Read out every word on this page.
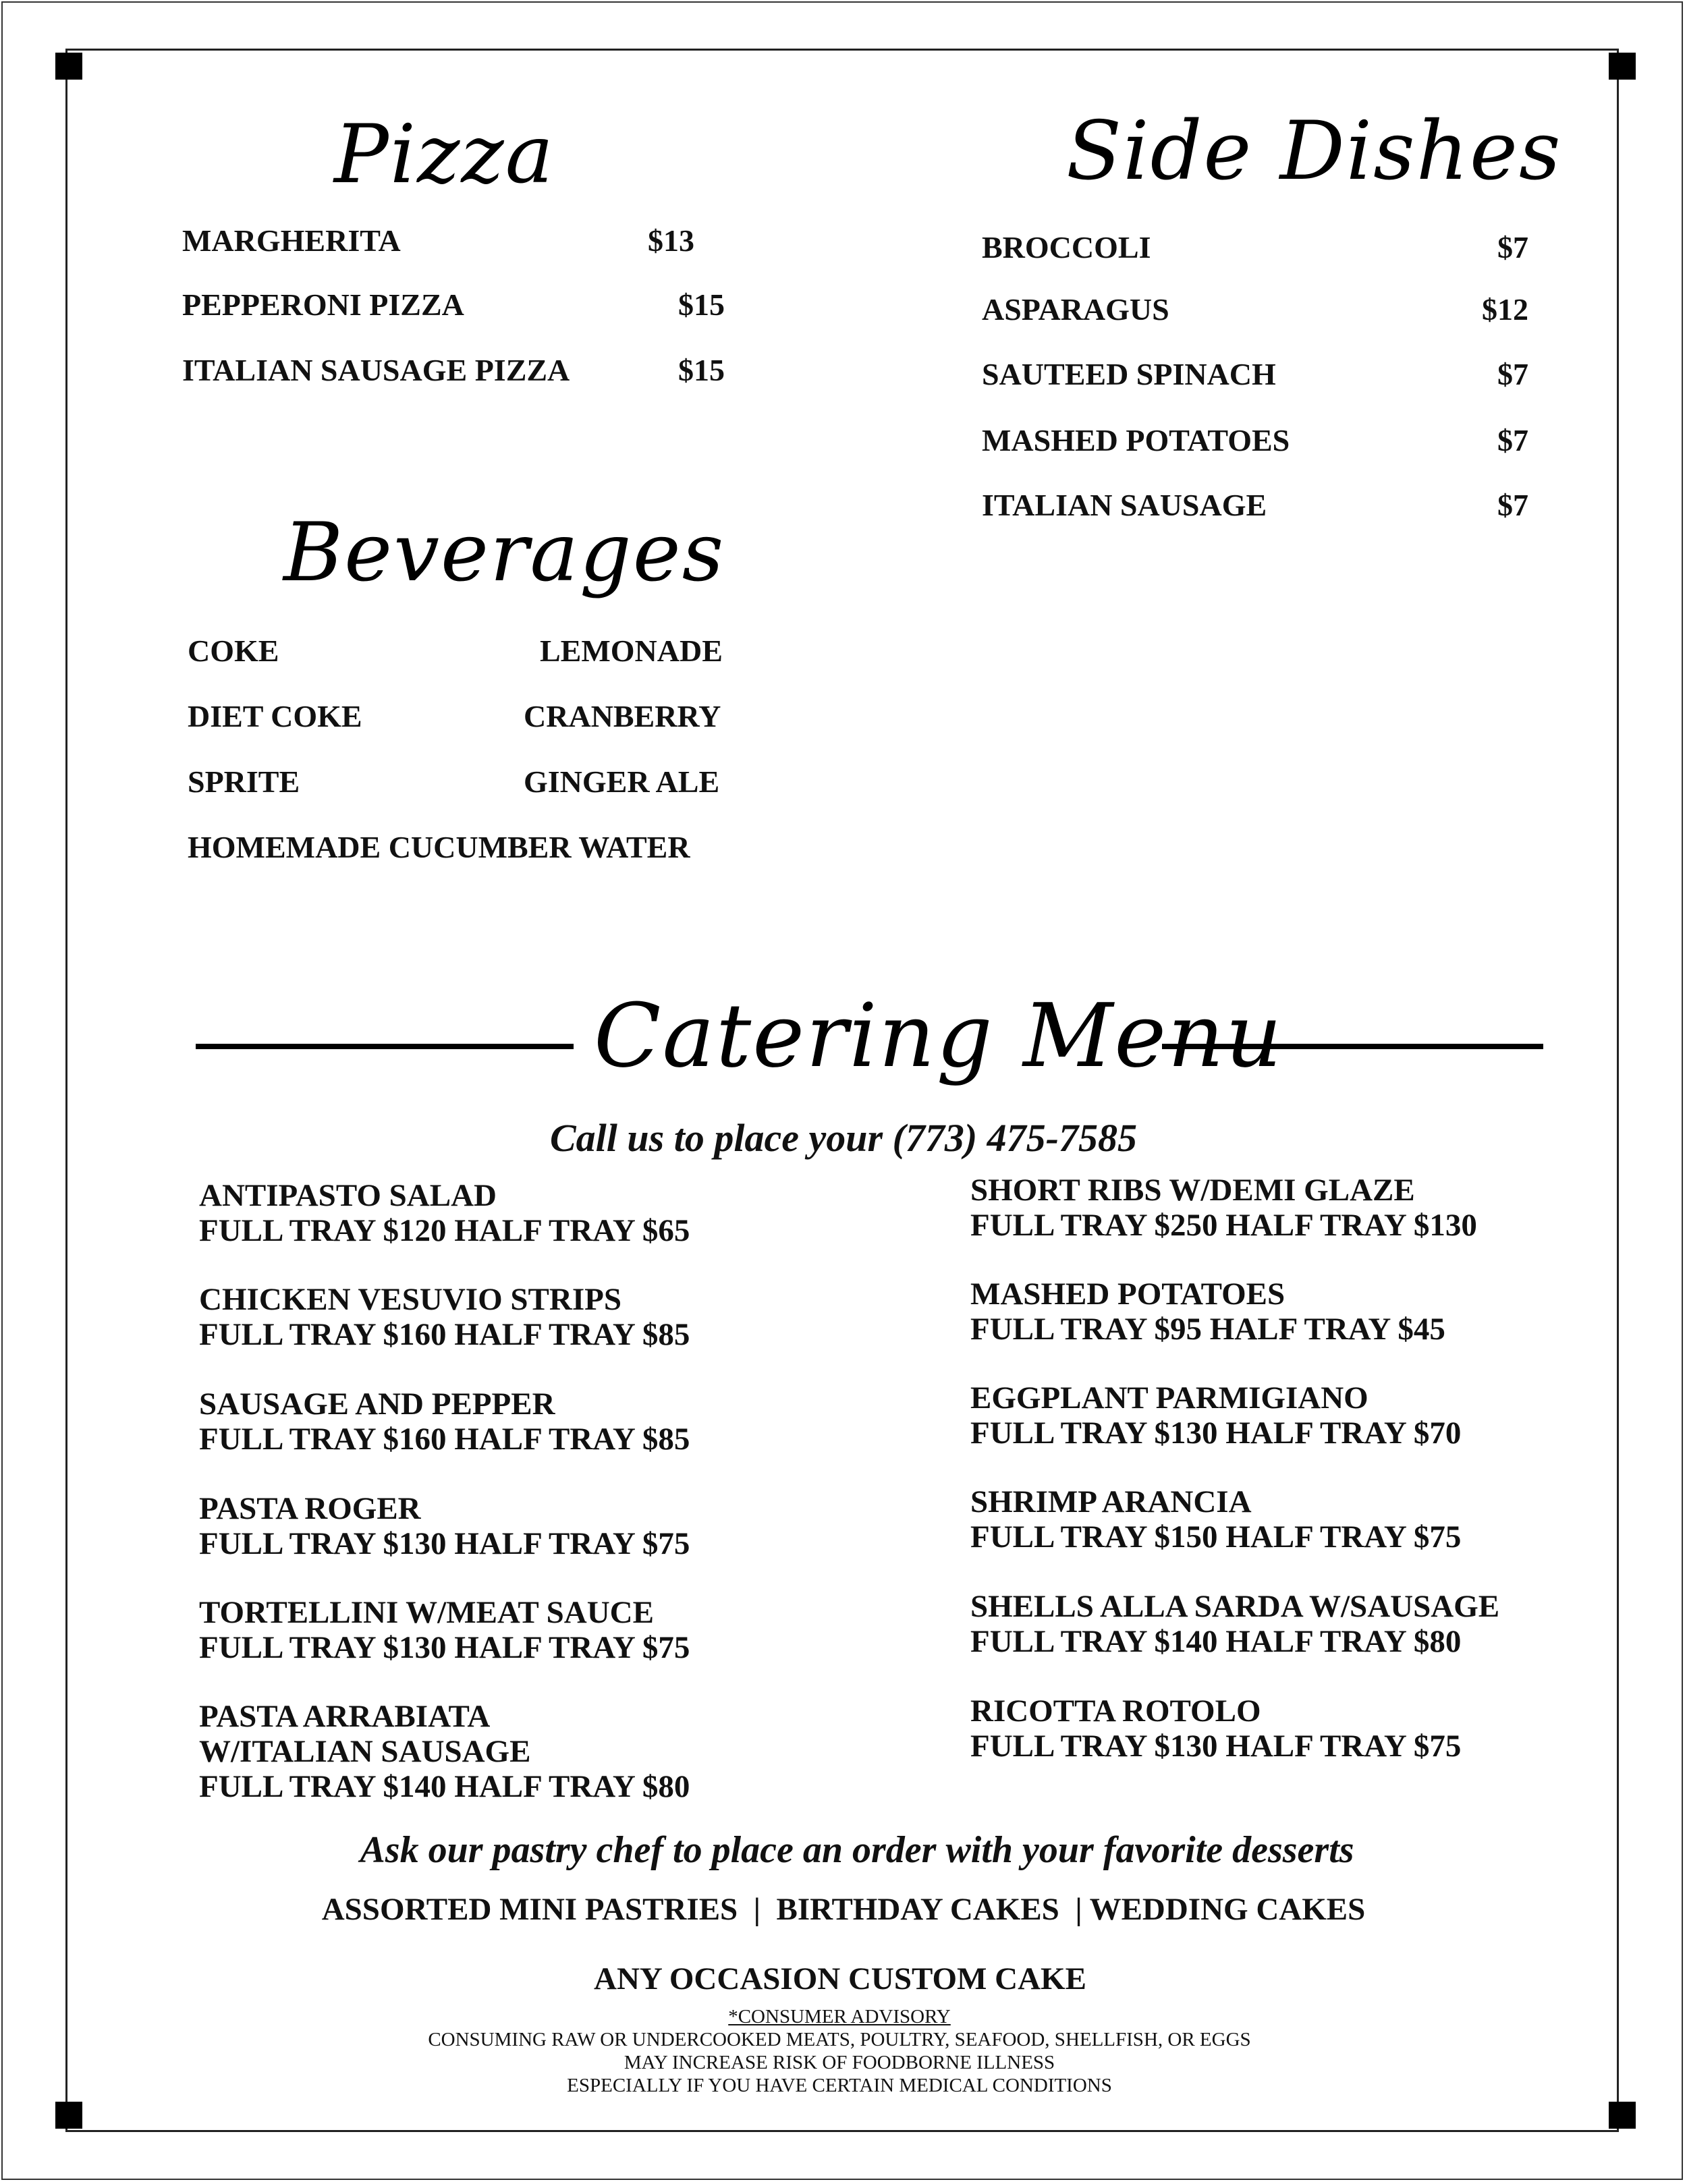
Pizza
MARGHERITA	$13
PEPPERONI PIZZA	$15
ITALIAN SAUSAGE PIZZA	$15
Side Dishes
BROCCOLI	$7
ASPARAGUS	$12
SAUTEED SPINACH	$7
MASHED POTATOES	$7
ITALIAN SAUSAGE	$7
Beverages
COKE	LEMONADE
DIET COKE	CRANBERRY
SPRITE	GINGER ALE
HOMEMADE CUCUMBER WATER
Catering Menu
Call us to place your (773) 475-7585
ANTIPASTO SALAD
FULL TRAY $120 HALF TRAY $65
CHICKEN VESUVIO STRIPS
FULL TRAY $160 HALF TRAY $85
SAUSAGE AND PEPPER
FULL TRAY $160 HALF TRAY $85
PASTA ROGER
FULL TRAY $130 HALF TRAY $75
TORTELLINI W/MEAT SAUCE
FULL TRAY $130 HALF TRAY $75
PASTA ARRABIATA
W/ITALIAN SAUSAGE
FULL TRAY $140 HALF TRAY $80
SHORT RIBS W/DEMI GLAZE
FULL TRAY $250 HALF TRAY $130
MASHED POTATOES
FULL TRAY $95 HALF TRAY $45
EGGPLANT PARMIGIANO
FULL TRAY $130 HALF TRAY $70
SHRIMP ARANCIA
FULL TRAY $150 HALF TRAY $75
SHELLS ALLA SARDA W/SAUSAGE
FULL TRAY $140 HALF TRAY $80
RICOTTA ROTOLO
FULL TRAY $130 HALF TRAY $75
Ask our pastry chef to place an order with your favorite desserts
ASSORTED MINI PASTRIES  |  BIRTHDAY CAKES  | WEDDING CAKES
ANY OCCASION CUSTOM CAKE
*CONSUMER ADVISORY
CONSUMING RAW OR UNDERCOOKED MEATS, POULTRY, SEAFOOD, SHELLFISH, OR EGGS
MAY INCREASE RISK OF FOODBORNE ILLNESS
ESPECIALLY IF YOU HAVE CERTAIN MEDICAL CONDITIONS
